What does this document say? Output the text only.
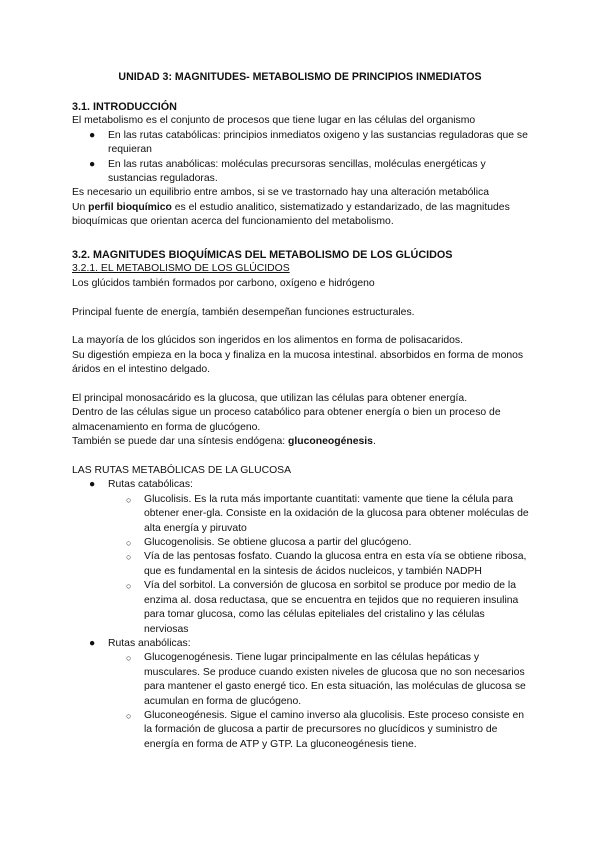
UNIDAD 3: MAGNITUDES- METABOLISMO DE PRINCIPIOS INMEDIATOS

3.1. INTRODUCCIÓN

El metabolismo es el conjunto de procesos que tiene lugar en las células del organismo

● En las rutas catabólicas: principios inmediatos oxigeno y las sustancias reguladoras que se requieran
● En las rutas anabólicas: moléculas precursoras sencillas, moléculas energéticas y sustancias reguladoras.

Es necesario un equilibrio entre ambos, si se ve trastornado hay una alteración metabólica

Un perfil bioquímico es el estudio analitico, sistematizado y estandarizado, de las magnitudes bioquímicas que orientan acerca del funcionamiento del metabolismo.

3.2. MAGNITUDES BIOQUÍMICAS DEL METABOLISMO DE LOS GLÚCIDOS

3.2.1. EL METABOLISMO DE LOS GLÚCIDOS

Los glúcidos también formados por carbono, oxígeno e hidrógeno

Principal fuente de energía, también desempeñan funciones estructurales.

La mayoría de los glúcidos son ingeridos en los alimentos en forma de polisacaridos.

Su digestión empieza en la boca y finaliza en la mucosa intestinal. absorbidos en forma de monos áridos en el intestino delgado.

El principal monosacárido es la glucosa, que utilizan las células para obtener energía.

Dentro de las células sigue un proceso catabólico para obtener energía o bien un proceso de almacenamiento en forma de glucógeno.

También se puede dar una síntesis endógena: gluconeogénesis.

LAS RUTAS METABÓLICAS DE LA GLUCOSA

● Rutas catabólicas:
○ Glucolisis. Es la ruta más importante cuantitati: vamente que tiene la célula para obtener ener-gla. Consiste en la oxidación de la glucosa para obtener moléculas de alta energía y piruvato
○ Glucogenolisis. Se obtiene glucosa a partir del glucógeno.
○ Vía de las pentosas fosfato. Cuando la glucosa entra en esta vía se obtiene ribosa, que es fundamental en la sintesis de ácidos nucleicos, y también NADPH
○ Vía del sorbitol. La conversión de glucosa en sorbitol se produce por medio de la enzima al. dosa reductasa, que se encuentra en tejidos que no requieren insulina para tomar glucosa, como las células epiteliales del cristalino y las células nerviosas
● Rutas anabólicas:
○ Glucogenogénesis. Tiene lugar principalmente en las células hepáticas y musculares. Se produce cuando existen niveles de glucosa que no son necesarios para mantener el gasto energé tico. En esta situación, las moléculas de glucosa se acumulan en forma de glucógeno.
○ Gluconeogénesis. Sigue el camino inverso ala glucolisis. Este proceso consiste en la formación de glucosa a partir de precursores no glucídicos y suministro de energía en forma de ATP y GTP. La gluconeogénesis tiene.
